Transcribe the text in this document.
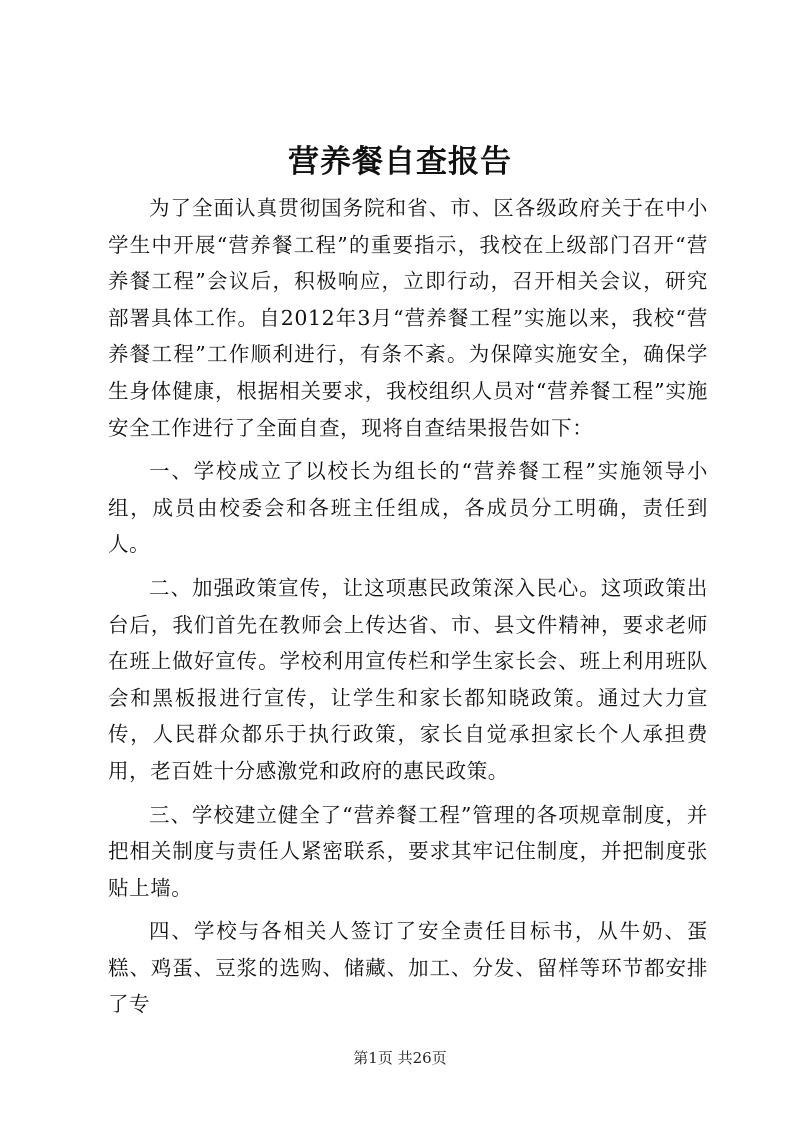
营养餐自查报告

为了全面认真贯彻国务院和省、市、区各级政府关于在中小学生中开展“营养餐工程”的重要指示，我校在上级部门召开“营养餐工程”会议后，积极响应，立即行动，召开相关会议，研究部署具体工作。自2012年3月“营养餐工程”实施以来，我校“营养餐工程”工作顺利进行，有条不紊。为保障实施安全，确保学生身体健康，根据相关要求，我校组织人员对“营养餐工程”实施安全工作进行了全面自查，现将自查结果报告如下：

一、学校成立了以校长为组长的“营养餐工程”实施领导小组，成员由校委会和各班主任组成，各成员分工明确，责任到人。

二、加强政策宣传，让这项惠民政策深入民心。这项政策出台后，我们首先在教师会上传达省、市、县文件精神，要求老师在班上做好宣传。学校利用宣传栏和学生家长会、班上利用班队会和黑板报进行宣传，让学生和家长都知晓政策。通过大力宣传，人民群众都乐于执行政策，家长自觉承担家长个人承担费用，老百姓十分感激党和政府的惠民政策。

三、学校建立健全了“营养餐工程”管理的各项规章制度，并把相关制度与责任人紧密联系，要求其牢记住制度，并把制度张贴上墙。

四、学校与各相关人签订了安全责任目标书，从牛奶、蛋糕、鸡蛋、豆浆的选购、储藏、加工、分发、留样等环节都安排了专

第1页 共26页
